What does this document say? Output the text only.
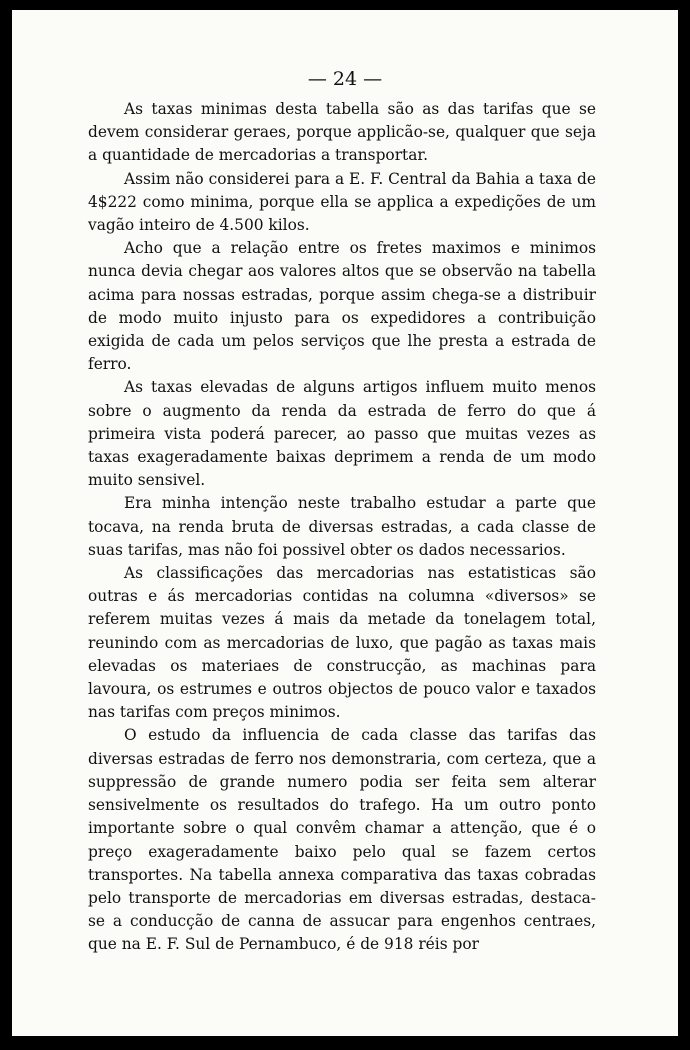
— 24 —

As taxas minimas desta tabella são as das tarifas que se devem considerar geraes, porque applicão-se, qualquer que seja a quantidade de mercadorias a transportar.

Assim não considerei para a E. F. Central da Bahia a taxa de 4$222 como minima, porque ella se applica a expedições de um vagão inteiro de 4.500 kilos.

Acho que a relação entre os fretes maximos e minimos nunca devia chegar aos valores altos que se observão na tabella acima para nossas estradas, porque assim chega-se a distribuir de modo muito injusto para os expedidores a contribuição exigida de cada um pelos serviços que lhe presta a estrada de ferro.

As taxas elevadas de alguns artigos influem muito menos sobre o augmento da renda da estrada de ferro do que á primeira vista poderá parecer, ao passo que muitas vezes as taxas exageradamente baixas deprimem a renda de um modo muito sensivel.

Era minha intenção neste trabalho estudar a parte que tocava, na renda bruta de diversas estradas, a cada classe de suas tarifas, mas não foi possivel obter os dados necessarios.

As classificações das mercadorias nas estatisticas são outras e ás mercadorias contidas na columna «diversos» se referem muitas vezes á mais da metade da tonelagem total, reunindo com as mercadorias de luxo, que pagão as taxas mais elevadas os materiaes de construcção, as machinas para lavoura, os estrumes e outros objectos de pouco valor e taxados nas tarifas com preços minimos.

O estudo da influencia de cada classe das tarifas das diversas estradas de ferro nos demonstraria, com certeza, que a suppressão de grande numero podia ser feita sem alterar sensivelmente os resultados do trafego. Ha um outro ponto importante sobre o qual convêm chamar a attenção, que é o preço exageradamente baixo pelo qual se fazem certos transportes. Na tabella annexa comparativa das taxas cobradas pelo transporte de mercadorias em diversas estradas, destaca-se a conducção de canna de assucar para engenhos centraes, que na E. F. Sul de Pernambuco, é de 918 réis por
